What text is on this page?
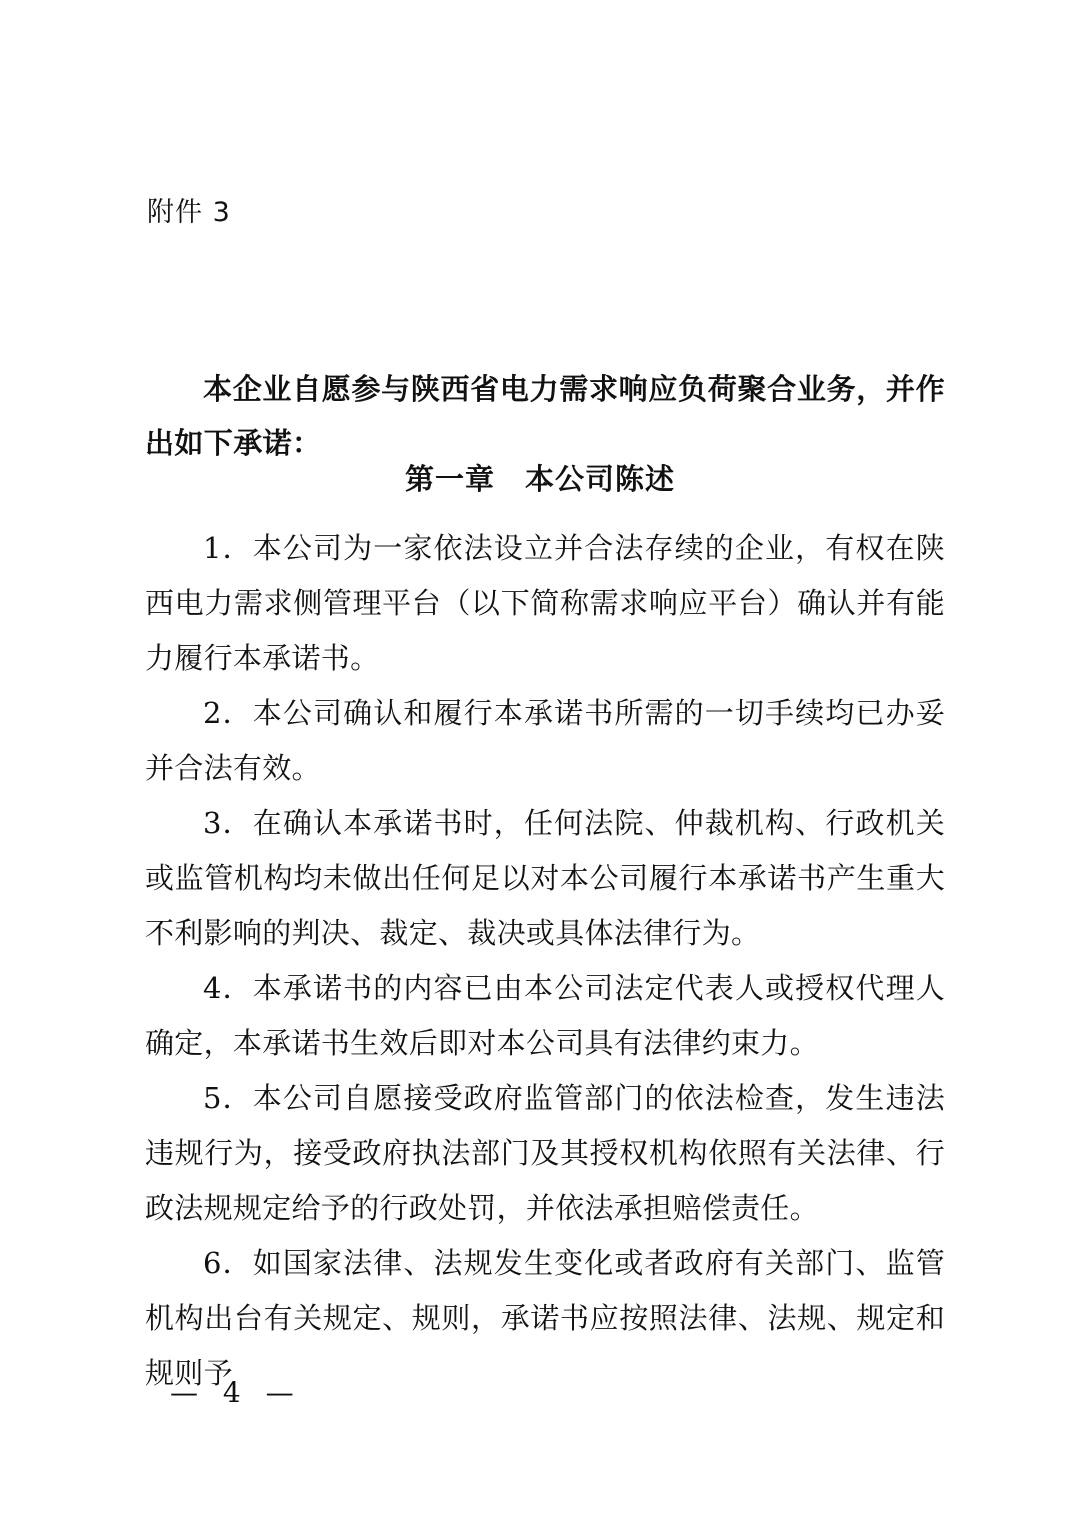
附件 3
本企业自愿参与陕西省电力需求响应负荷聚合业务，并作出如下承诺：
第一章　本公司陈述

1．本公司为一家依法设立并合法存续的企业，有权在陕西电力需求侧管理平台（以下简称需求响应平台）确认并有能力履行本承诺书。

2．本公司确认和履行本承诺书所需的一切手续均已办妥并合法有效。

3．在确认本承诺书时，任何法院、仲裁机构、行政机关或监管机构均未做出任何足以对本公司履行本承诺书产生重大不利影响的判决、裁定、裁决或具体法律行为。

4．本承诺书的内容已由本公司法定代表人或授权代理人确定，本承诺书生效后即对本公司具有法律约束力。

5．本公司自愿接受政府监管部门的依法检查，发生违法违规行为，接受政府执法部门及其授权机构依照有关法律、行政法规规定给予的行政处罚，并依法承担赔偿责任。

6．如国家法律、法规发生变化或者政府有关部门、监管机构出台有关规定、规则，承诺书应按照法律、法规、规定和规则予

— 4 —
